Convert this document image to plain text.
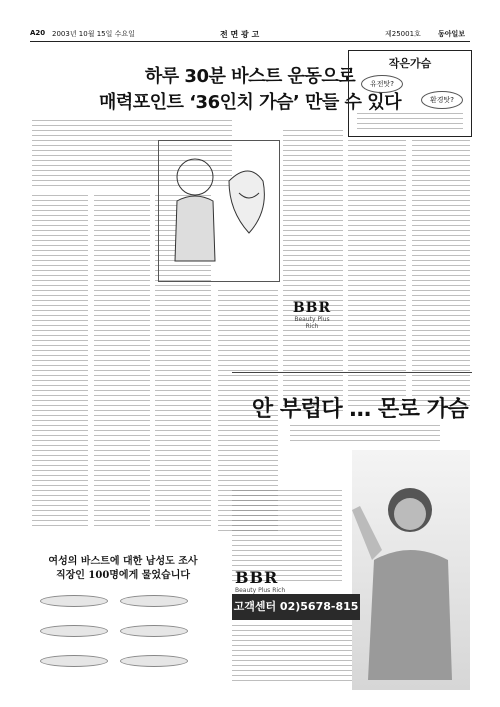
A20 2003년 10월 15일 수요일	전 면 광 고	제25001호 동아일보
하루 30분 바스트 운동으로
매력포인트 ‘36인치 가슴’ 만들 수 있다
작은가슴
유전탓?
환경탓?
BBR
Beauty Plus Rich
안 부럽다 … 몬로 가슴
여성의 바스트에 대한 남성도 조사
직장인 100명에게 물었습니다	BBR
Beauty Plus Rich
고객센터 02)5678-815
